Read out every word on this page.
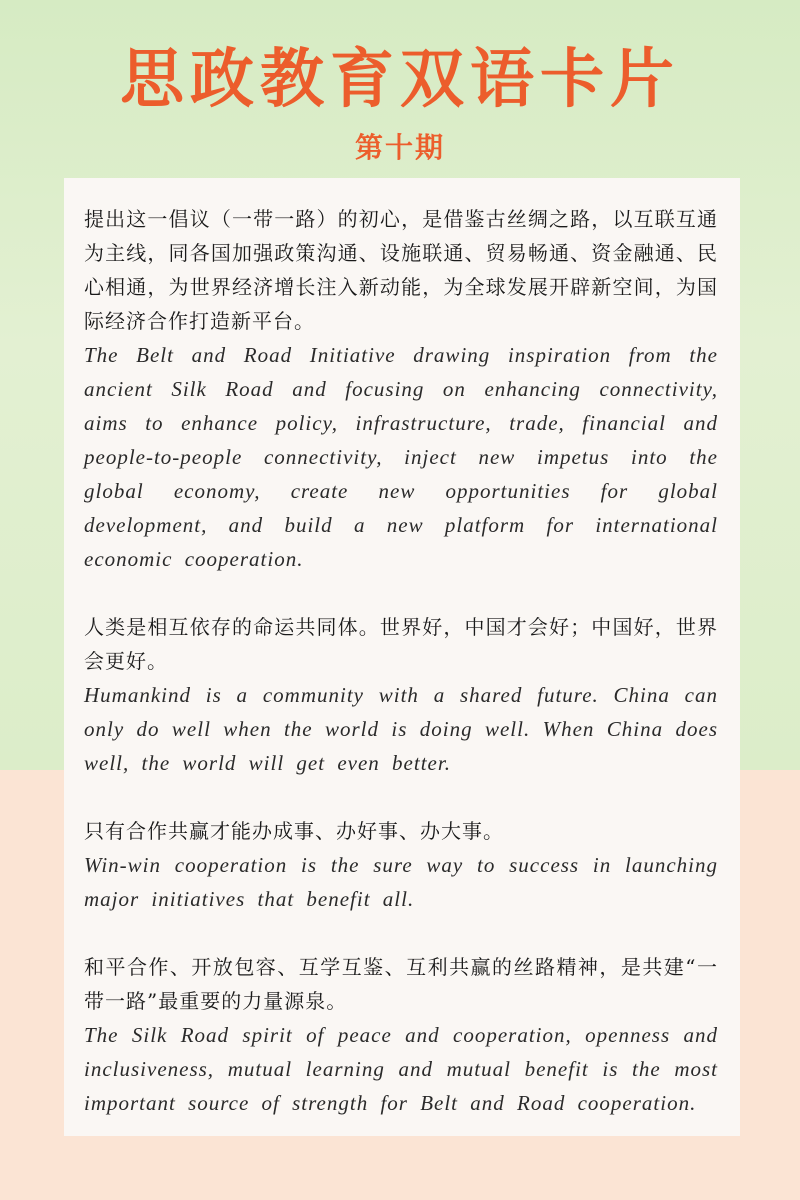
思政教育双语卡片
第十期

提出这一倡议（一带一路）的初心，是借鉴古丝绸之路，以互联互通为主线，同各国加强政策沟通、设施联通、贸易畅通、资金融通、民心相通，为世界经济增长注入新动能，为全球发展开辟新空间，为国际经济合作打造新平台。

The Belt and Road Initiative drawing inspiration from the ancient Silk Road and focusing on enhancing connectivity, aims to enhance policy, infrastructure, trade, financial and people-to-people connectivity, inject new impetus into the global economy, create new opportunities for global development, and build a new platform for international economic cooperation.

人类是相互依存的命运共同体。世界好，中国才会好；中国好，世界会更好。

Humankind is a community with a shared future. China can only do well when the world is doing well. When China does well, the world will get even better.

只有合作共赢才能办成事、办好事、办大事。

Win-win cooperation is the sure way to success in launching major initiatives that benefit all.

和平合作、开放包容、互学互鉴、互利共赢的丝路精神，是共建“一带一路”最重要的力量源泉。

The Silk Road spirit of peace and cooperation, openness and inclusiveness, mutual learning and mutual benefit is the most important source of strength for Belt and Road cooperation.
